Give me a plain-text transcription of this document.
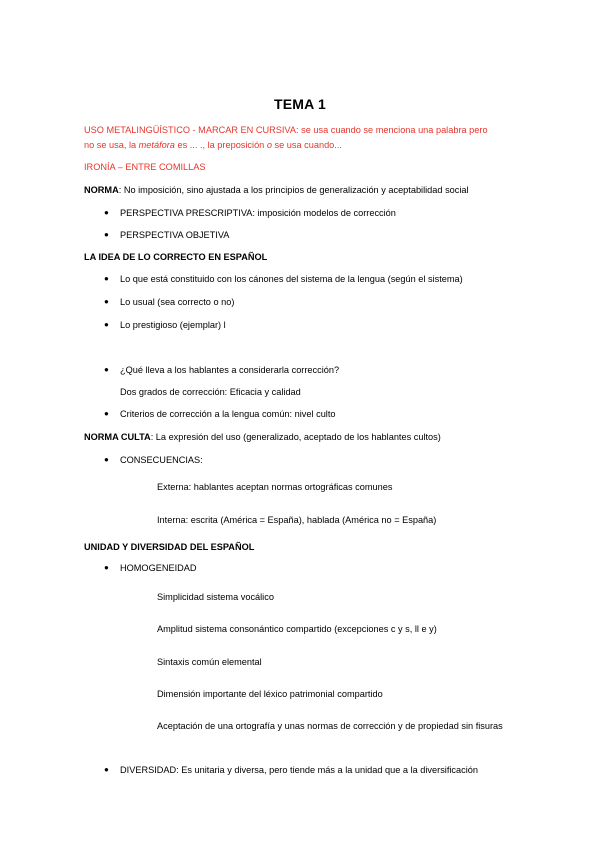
TEMA 1
USO METALINGÜÍSTICO - MARCAR EN CURSIVA: se usa cuando se menciona una palabra pero
no se usa, la metáfora es ... ., la preposición o se usa cuando...
IRONÍA – ENTRE COMILLAS
NORMA: No imposición, sino ajustada a los principios de generalización y aceptabilidad social
● PERSPECTIVA PRESCRIPTIVA: imposición modelos de corrección
● PERSPECTIVA OBJETIVA
LA IDEA DE LO CORRECTO EN ESPAÑOL
● Lo que está constituido con los cánones del sistema de la lengua (según el sistema)
● Lo usual (sea correcto o no)
● Lo prestigioso (ejemplar) l
● ¿Qué lleva a los hablantes a considerarla corrección?
Dos grados de corrección: Eficacia y calidad
● Criterios de corrección a la lengua común: nivel culto
NORMA CULTA: La expresión del uso (generalizado, aceptado de los hablantes cultos)
● CONSECUENCIAS:
Externa: hablantes aceptan normas ortográficas comunes
Interna: escrita (América = España), hablada (América no = España)
UNIDAD Y DIVERSIDAD DEL ESPAÑOL
● HOMOGENEIDAD
Simplicidad sistema vocálico
Amplitud sistema consonántico compartido (excepciones c y s, ll e y)
Sintaxis común elemental
Dimensión importante del léxico patrimonial compartido
Aceptación de una ortografía y unas normas de corrección y de propiedad sin fisuras
● DIVERSIDAD: Es unitaria y diversa, pero tiende más a la unidad que a la diversificación
